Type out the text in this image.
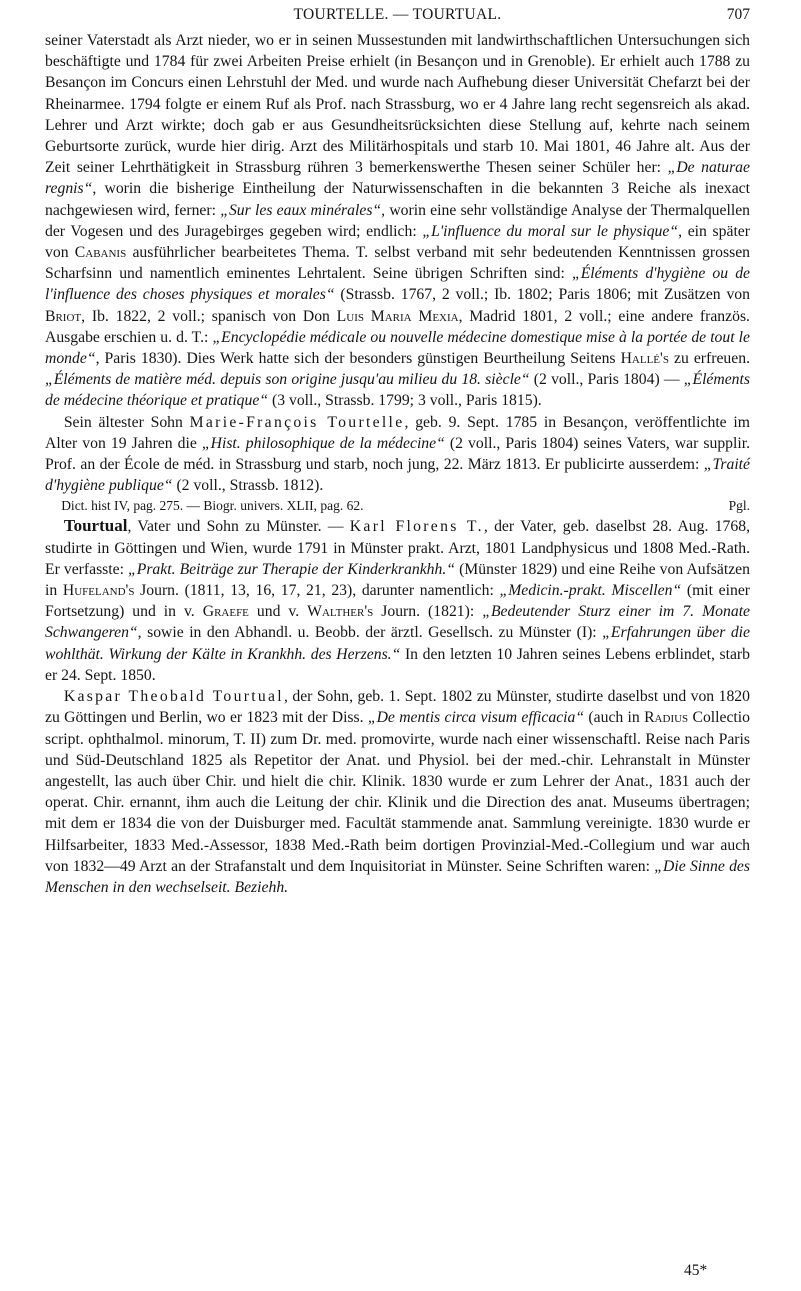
TOURTELLE. — TOURTUAL.	707

seiner Vaterstadt als Arzt nieder, wo er in seinen Mussestunden mit landwirthschaftlichen Untersuchungen sich beschäftigte und 1784 für zwei Arbeiten Preise erhielt (in Besançon und in Grenoble). Er erhielt auch 1788 zu Besançon im Concurs einen Lehrstuhl der Med. und wurde nach Aufhebung dieser Universität Chefarzt bei der Rheinarmee. 1794 folgte er einem Ruf als Prof. nach Strassburg, wo er 4 Jahre lang recht segensreich als akad. Lehrer und Arzt wirkte; doch gab er aus Gesundheitsrücksichten diese Stellung auf, kehrte nach seinem Geburtsorte zurück, wurde hier dirig. Arzt des Militärhospitals und starb 10. Mai 1801, 46 Jahre alt. Aus der Zeit seiner Lehrthätigkeit in Strassburg rühren 3 bemerkenswerthe Thesen seiner Schüler her: „De naturae regnis“, worin die bisherige Eintheilung der Naturwissenschaften in die bekannten 3 Reiche als inexact nachgewiesen wird, ferner: „Sur les eaux minérales“, worin eine sehr vollständige Analyse der Thermalquellen der Vogesen und des Juragebirges gegeben wird; endlich: „L'influence du moral sur le physique“, ein später von Cabanis ausführlicher bearbeitetes Thema. T. selbst verband mit sehr bedeutenden Kenntnissen grossen Scharfsinn und namentlich eminentes Lehrtalent. Seine übrigen Schriften sind: „Éléments d'hygiène ou de l'influence des choses physiques et morales“ (Strassb. 1767, 2 voll.; Ib. 1802; Paris 1806; mit Zusätzen von Briot, Ib. 1822, 2 voll.; spanisch von Don Luis Maria Mexia, Madrid 1801, 2 voll.; eine andere französ. Ausgabe erschien u. d. T.: „Encyclopédie médicale ou nouvelle médecine domestique mise à la portée de tout le monde“, Paris 1830). Dies Werk hatte sich der besonders günstigen Beurtheilung Seitens Hallé's zu erfreuen. „Éléments de matière méd. depuis son origine jusqu'au milieu du 18. siècle“ (2 voll., Paris 1804) — „Éléments de médecine théorique et pratique“ (3 voll., Strassb. 1799; 3 voll., Paris 1815).

Sein ältester Sohn Marie-François Tourtelle, geb. 9. Sept. 1785 in Besançon, veröffentlichte im Alter von 19 Jahren die „Hist. philosophique de la médecine“ (2 voll., Paris 1804) seines Vaters, war supplir. Prof. an der École de méd. in Strassburg und starb, noch jung, 22. März 1813. Er publicirte ausserdem: „Traité d'hygiène publique“ (2 voll., Strassb. 1812).

Dict. hist IV, pag. 275. — Biogr. univers. XLII, pag. 62.	Pgl.

Tourtual, Vater und Sohn zu Münster. — Karl Florens T., der Vater, geb. daselbst 28. Aug. 1768, studirte in Göttingen und Wien, wurde 1791 in Münster prakt. Arzt, 1801 Landphysicus und 1808 Med.-Rath. Er verfasste: „Prakt. Beiträge zur Therapie der Kinderkrankhh.“ (Münster 1829) und eine Reihe von Aufsätzen in Hufeland's Journ. (1811, 13, 16, 17, 21, 23), darunter namentlich: „Medicin.-prakt. Miscellen“ (mit einer Fortsetzung) und in v. Graefe und v. Walther's Journ. (1821): „Bedeutender Sturz einer im 7. Monate Schwangeren“, sowie in den Abhandl. u. Beobb. der ärztl. Gesellsch. zu Münster (I): „Erfahrungen über die wohlthät. Wirkung der Kälte in Krankhh. des Herzens.“ In den letzten 10 Jahren seines Lebens erblindet, starb er 24. Sept. 1850.

Kaspar Theobald Tourtual, der Sohn, geb. 1. Sept. 1802 zu Münster, studirte daselbst und von 1820 zu Göttingen und Berlin, wo er 1823 mit der Diss. „De mentis circa visum efficacia“ (auch in Radius Collectio script. ophthalmol. minorum, T. II) zum Dr. med. promovirte, wurde nach einer wissenschaftl. Reise nach Paris und Süd-Deutschland 1825 als Repetitor der Anat. und Physiol. bei der med.-chir. Lehranstalt in Münster angestellt, las auch über Chir. und hielt die chir. Klinik. 1830 wurde er zum Lehrer der Anat., 1831 auch der operat. Chir. ernannt, ihm auch die Leitung der chir. Klinik und die Direction des anat. Museums übertragen; mit dem er 1834 die von der Duisburger med. Facultät stammende anat. Sammlung vereinigte. 1830 wurde er Hilfsarbeiter, 1833 Med.-Assessor, 1838 Med.-Rath beim dortigen Provinzial-Med.-Collegium und war auch von 1832—49 Arzt an der Strafanstalt und dem Inquisitoriat in Münster. Seine Schriften waren: „Die Sinne des Menschen in den wechselseit. Beziehh.

45*
